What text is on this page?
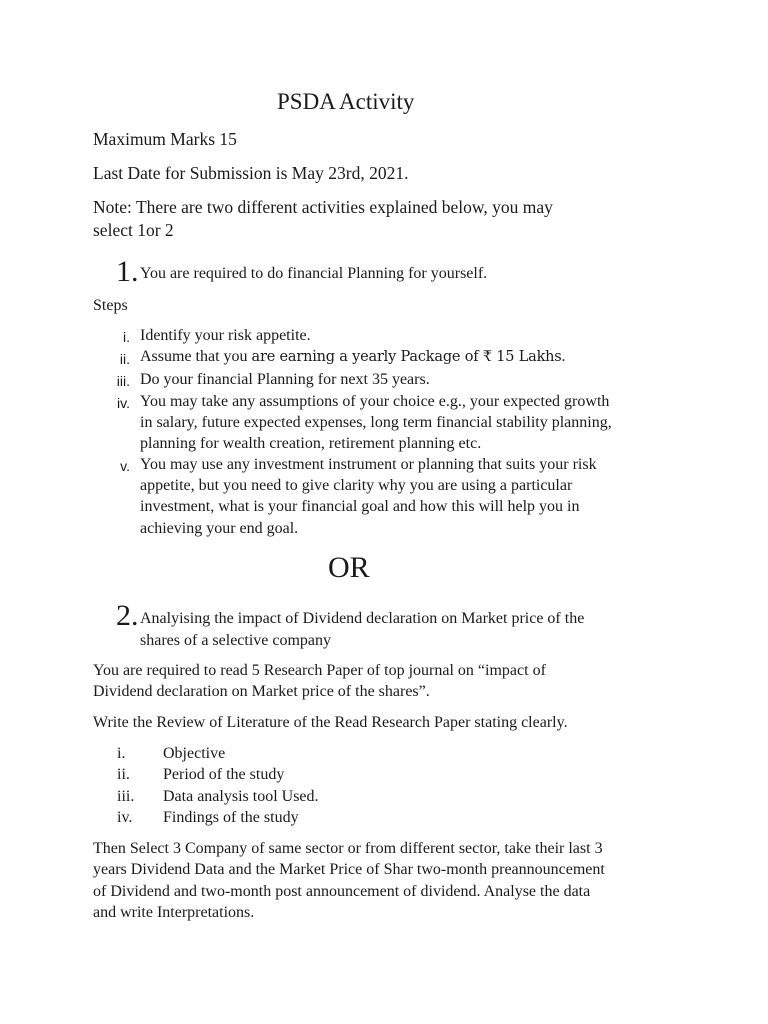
PSDA Activity
Maximum Marks 15
Last Date for Submission is May 23rd, 2021.
Note: There are two different activities explained below, you may
select 1or 2
1. You are required to do financial Planning for yourself.
Steps
i. Identify your risk appetite.
ii. Assume that you are earning a yearly Package of ₹ 15 Lakhs.
iii. Do your financial Planning for next 35 years.
iv. You may take any assumptions of your choice e.g., your expected growth
in salary, future expected expenses, long term financial stability planning,
planning for wealth creation, retirement planning etc.
v. You may use any investment instrument or planning that suits your risk
appetite, but you need to give clarity why you are using a particular
investment, what is your financial goal and how this will help you in
achieving your end goal.
OR
2. Analyising the impact of Dividend declaration on Market price of the
shares of a selective company
You are required to read 5 Research Paper of top journal on “impact of
Dividend declaration on Market price of the shares”.
Write the Review of Literature of the Read Research Paper stating clearly.
i. Objective
ii. Period of the study
iii. Data analysis tool Used.
iv. Findings of the study
Then Select 3 Company of same sector or from different sector, take their last 3
years Dividend Data and the Market Price of Shar two-month preannouncement
of Dividend and two-month post announcement of dividend. Analyse the data
and write Interpretations.
